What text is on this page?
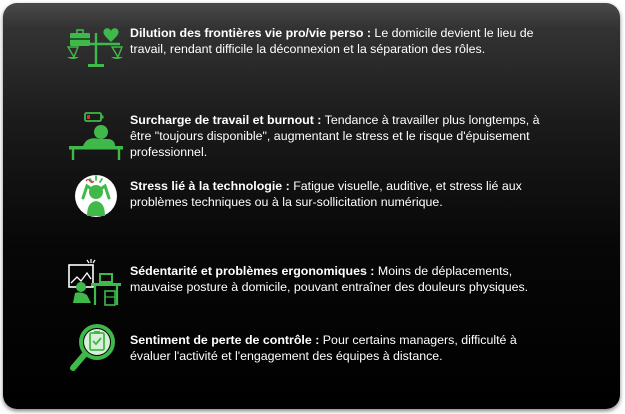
Dilution des frontières vie pro/vie perso : Le domicile devient le lieu de travail, rendant difficile la déconnexion et la séparation des rôles.
Surcharge de travail et burnout : Tendance à travailler plus longtemps, à être "toujours disponible", augmentant le stress et le risque d'épuisement professionnel.
Stress lié à la technologie : Fatigue visuelle, auditive, et stress lié aux problèmes techniques ou à la sur-sollicitation numérique.
Sédentarité et problèmes ergonomiques : Moins de déplacements, mauvaise posture à domicile, pouvant entraîner des douleurs physiques.
Sentiment de perte de contrôle : Pour certains managers, difficulté à évaluer l'activité et l'engagement des équipes à distance.
